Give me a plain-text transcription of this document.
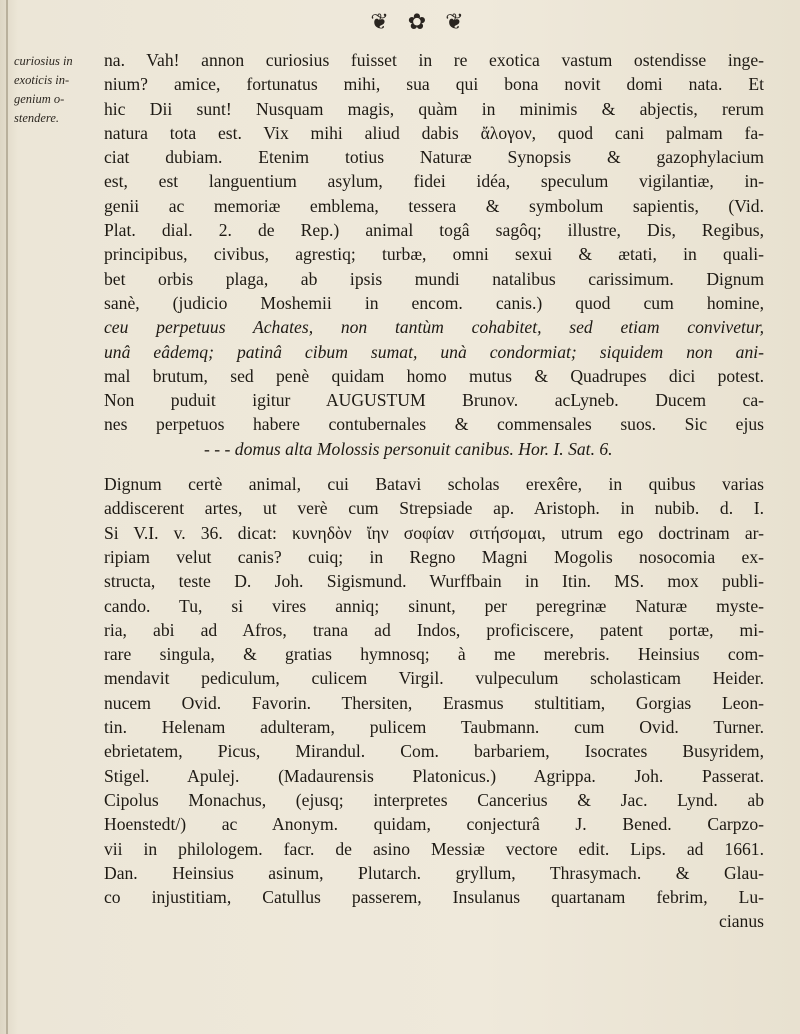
❦ ✿ ❦
curiosius in
exoticis in-
genium o-
stendere.
na. Vah! annon curiosius fuisset in re exotica vastum ostendisse inge-
nium? amice, fortunatus mihi, sua qui bona novit domi nata. Et
hic Dii sunt! Nusquam magis, quàm in minimis & abjectis, rerum
natura tota est. Vix mihi aliud dabis ἄλογον, quod cani palmam fa-
ciat dubiam. Etenim totius Naturæ Synopsis & gazophylacium
est, est languentium asylum, fidei idéa, speculum vigilantiæ, in-
genii ac memoriæ emblema, tessera & symbolum sapientis, (Vid.
Plat. dial. 2. de Rep.) animal togâ sagôq; illustre, Dis, Regibus,
principibus, civibus, agrestiq; turbæ, omni sexui & ætati, in quali-
bet orbis plaga, ab ipsis mundi natalibus carissimum. Dignum
sanè, (judicio Moshemii in encom. canis.) quod cum homine,
ceu perpetuus Achates, non tantùm cohabitet, sed etiam convivetur,
unâ eâdemq; patinâ cibum sumat, unà condormiat; siquidem non ani-
mal brutum, sed penè quidam homo mutus & Quadrupes dici potest.
Non puduit igitur AUGUSTUM Brunov. acLyneb. Ducem ca-
nes perpetuos habere contubernales & commensales suos. Sic ejus
- - - domus alta Molossis personuit canibus. Hor. I. Sat. 6.
Dignum certè animal, cui Batavi scholas erexêre, in quibus varias
addiscerent artes, ut verè cum Strepsiade ap. Aristoph. in nubib. d. I.
Si V.I. v. 36. dicat: κυνηδὸν ἴην σοφίαν σιτήσομαι, utrum ego doctrinam ar-
ripiam velut canis? cuiq; in Regno Magni Mogolis nosocomia ex-
structa, teste D. Joh. Sigismund. Wurffbain in Itin. MS. mox publi-
cando. Tu, si vires anniq; sinunt, per peregrinæ Naturæ myste-
ria, abi ad Afros, trana ad Indos, proficiscere, patent portæ, mi-
rare singula, & gratias hymnosq; à me merebris. Heinsius com-
mendavit pediculum, culicem Virgil. vulpeculum scholasticam Heider.
nucem Ovid. Favorin. Thersiten, Erasmus stultitiam, Gorgias Leon-
tin. Helenam adulteram, pulicem Taubmann. cum Ovid. Turner.
ebrietatem, Picus, Mirandul. Com. barbariem, Isocrates Busyridem,
Stigel. Apulej. (Madaurensis Platonicus.) Agrippa. Joh. Passerat.
Cipolus Monachus, (ejusq; interpretes Cancerius & Jac. Lynd. ab
Hoenstedt/) ac Anonym. quidam, conjecturâ J. Bened. Carpzo-
vii in philologem. facr. de asino Messiæ vectore edit. Lips. ad 1661.
Dan. Heinsius asinum, Plutarch. gryllum, Thrasymach. & Glau-
co injustitiam, Catullus passerem, Insulanus quartanam febrim, Lu-
cianus
